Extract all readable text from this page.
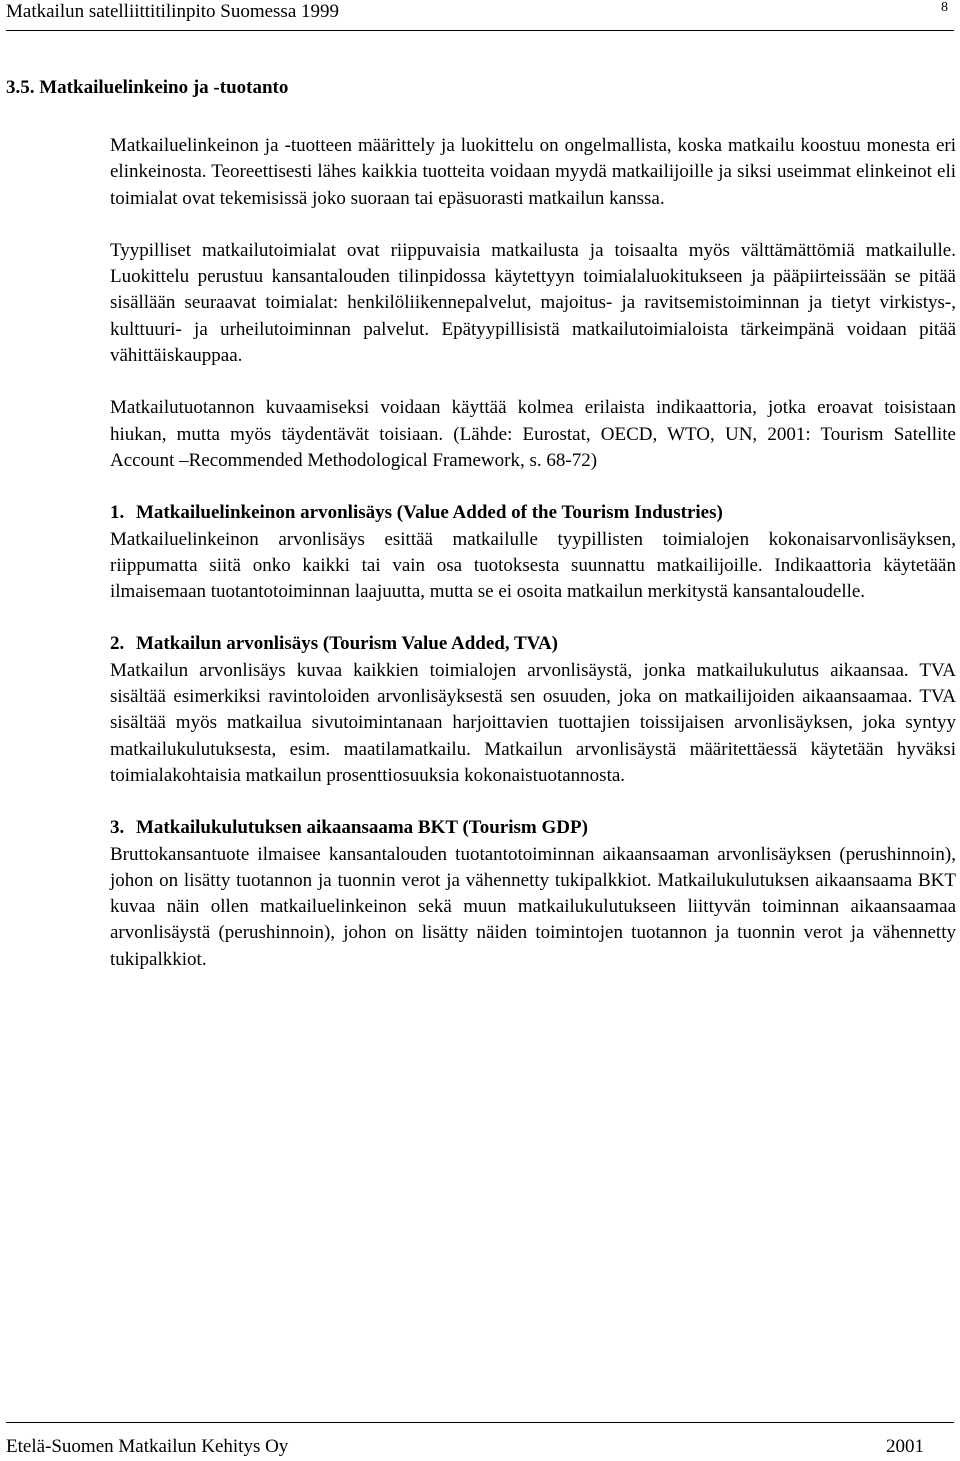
Matkailun satelliittitilinpito Suomessa 1999	8
3.5. Matkailuelinkeino ja -tuotanto

Matkailuelinkeinon ja -tuotteen määrittely ja luokittelu on ongelmallista, koska matkailu koostuu monesta eri elinkeinosta. Teoreettisesti lähes kaikkia tuotteita voidaan myydä matkailijoille ja siksi useimmat elinkeinot eli toimialat ovat tekemisissä joko suoraan tai epäsuorasti matkailun kanssa.

Tyypilliset matkailutoimialat ovat riippuvaisia matkailusta ja toisaalta myös välttämättömiä matkailulle. Luokittelu perustuu kansantalouden tilinpidossa käytettyyn toimialaluokitukseen ja pääpiirteissään se pitää sisällään seuraavat toimialat: henkilöliikennepalvelut, majoitus- ja ravitsemistoiminnan ja tietyt virkistys-, kulttuuri- ja urheilutoiminnan palvelut. Epätyypillisistä matkailutoimialoista tärkeimpänä voidaan pitää vähittäiskauppaa.

Matkailutuotannon kuvaamiseksi voidaan käyttää kolmea erilaista indikaattoria, jotka eroavat toisistaan hiukan, mutta myös täydentävät toisiaan. (Lähde: Eurostat, OECD, WTO, UN, 2001: Tourism Satellite Account –Recommended Methodological Framework, s. 68-72)

1. Matkailuelinkeinon arvonlisäys (Value Added of the Tourism Industries)
Matkailuelinkeinon arvonlisäys esittää matkailulle tyypillisten toimialojen kokonaisarvonlisäyksen, riippumatta siitä onko kaikki tai vain osa tuotoksesta suunnattu matkailijoille. Indikaattoria käytetään ilmaisemaan tuotantotoiminnan laajuutta, mutta se ei osoita matkailun merkitystä kansantaloudelle.
2. Matkailun arvonlisäys (Tourism Value Added, TVA)
Matkailun arvonlisäys kuvaa kaikkien toimialojen arvonlisäystä, jonka matkailukulutus aikaansaa. TVA sisältää esimerkiksi ravintoloiden arvonlisäyksestä sen osuuden, joka on matkailijoiden aikaansaamaa. TVA sisältää myös matkailua sivutoimintanaan harjoittavien tuottajien toissijaisen arvonlisäyksen, joka syntyy matkailukulutuksesta, esim. maatilamatkailu. Matkailun arvonlisäystä määritettäessä käytetään hyväksi toimialakohtaisia matkailun prosenttiosuuksia kokonaistuotannosta.
3. Matkailukulutuksen aikaansaama BKT (Tourism GDP)
Bruttokansantuote ilmaisee kansantalouden tuotantotoiminnan aikaansaaman arvonlisäyksen (perushinnoin), johon on lisätty tuotannon ja tuonnin verot ja vähennetty tukipalkkiot. Matkailukulutuksen aikaansaama BKT kuvaa näin ollen matkailuelinkeinon sekä muun matkailukulutukseen liittyvän toiminnan aikaansaamaa arvonlisäystä (perushinnoin), johon on lisätty näiden toimintojen tuotannon ja tuonnin verot ja vähennetty tukipalkkiot.
Etelä-Suomen Matkailun Kehitys Oy	2001
